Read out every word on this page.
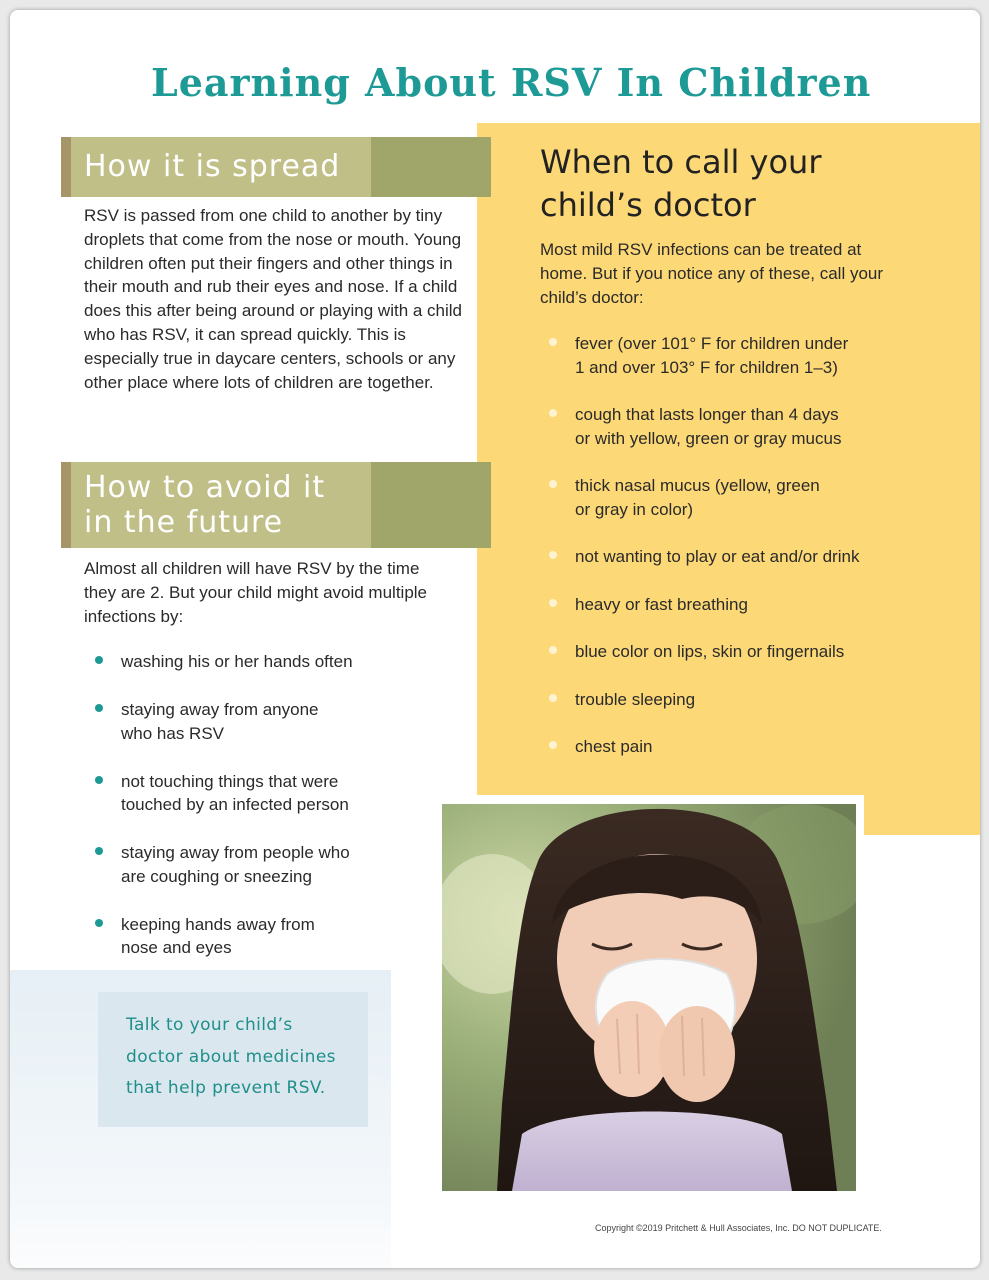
Learning About RSV In Children
When to call your
child’s doctor

Most mild RSV infections can be treated at home. But if you notice any of these, call your child’s doctor:

fever (over 101° F for children under
1 and over 103° F for children 1–3)
cough that lasts longer than 4 days
or with yellow, green or gray mucus
thick nasal mucus (yellow, green
or gray in color)
not wanting to play or eat and/or drink
heavy or fast breathing
blue color on lips, skin or fingernails
trouble sleeping
chest pain
How it is spread

RSV is passed from one child to another by tiny droplets that come from the nose or mouth. Young children often put their fingers and other things in their mouth and rub their eyes and nose. If a child does this after being around or playing with a child who has RSV, it can spread quickly. This is especially true in daycare centers, schools or any other place where lots of children are together.

How to avoid it
in the future

Almost all children will have RSV by the time they are 2. But your child might avoid multiple infections by:

washing his or her hands often
staying away from anyone
who has RSV
not touching things that were
touched by an infected person
staying away from people who
are coughing or sneezing
keeping hands away from
nose and eyes

Talk to your child’s
doctor about medicines
that help prevent RSV.

Copyright ©2019 Pritchett & Hull Associates, Inc. DO NOT DUPLICATE.
